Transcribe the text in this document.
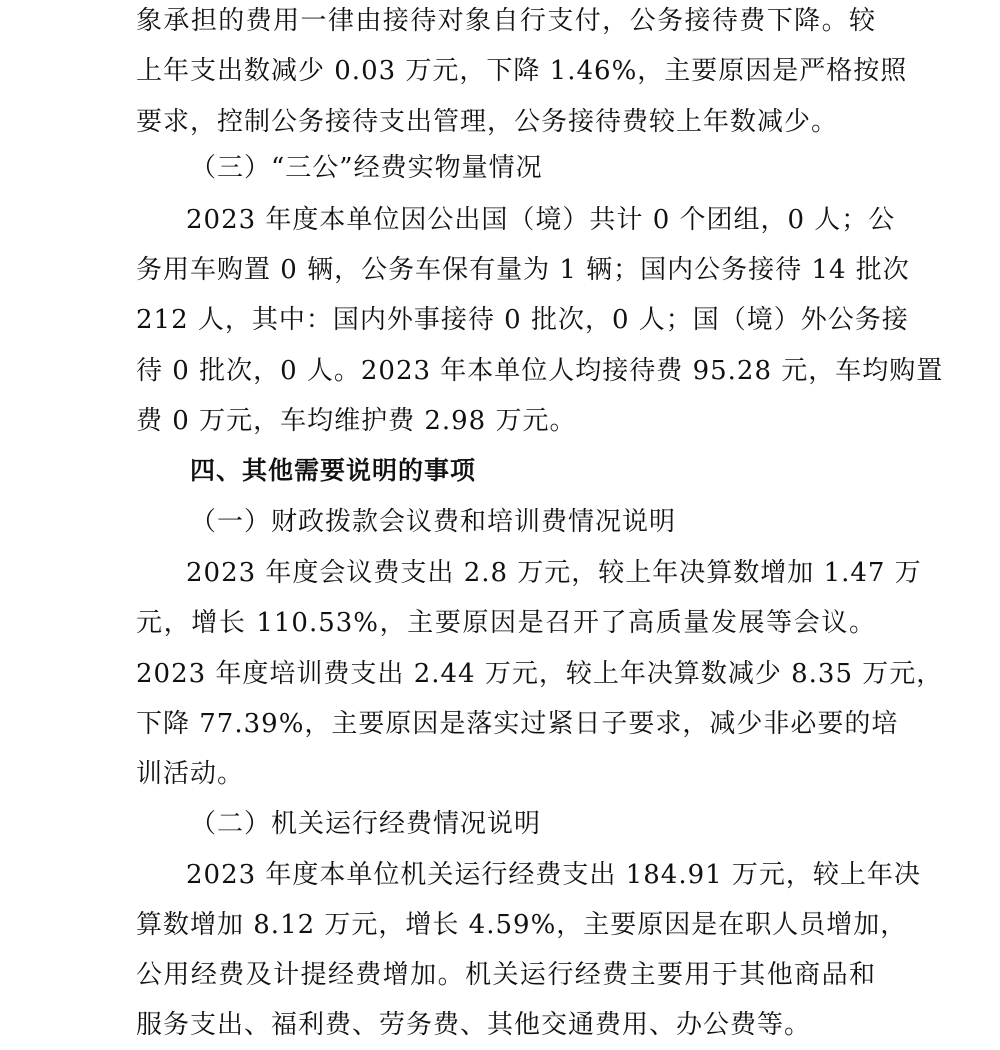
象承担的费用一律由接待对象自行支付，公务接待费下降。较
上年支出数减少 0.03 万元，下降 1.46%，主要原因是严格按照
要求，控制公务接待支出管理，公务接待费较上年数减少。
（三）“三公”经费实物量情况
2023 年度本单位因公出国（境）共计 0 个团组，0 人；公
务用车购置 0 辆，公务车保有量为 1 辆；国内公务接待 14 批次
212 人，其中：国内外事接待 0 批次，0 人；国（境）外公务接
待 0 批次，0 人。2023 年本单位人均接待费 95.28 元，车均购置
费 0 万元，车均维护费 2.98 万元。
四、其他需要说明的事项
（一）财政拨款会议费和培训费情况说明
2023 年度会议费支出 2.8 万元，较上年决算数增加 1.47 万
元，增长 110.53%，主要原因是召开了高质量发展等会议。
2023 年度培训费支出 2.44 万元，较上年决算数减少 8.35 万元，
下降 77.39%，主要原因是落实过紧日子要求，减少非必要的培
训活动。
（二）机关运行经费情况说明
2023 年度本单位机关运行经费支出 184.91 万元，较上年决
算数增加 8.12 万元，增长 4.59%，主要原因是在职人员增加，
公用经费及计提经费增加。机关运行经费主要用于其他商品和
服务支出、福利费、劳务费、其他交通费用、办公费等。
